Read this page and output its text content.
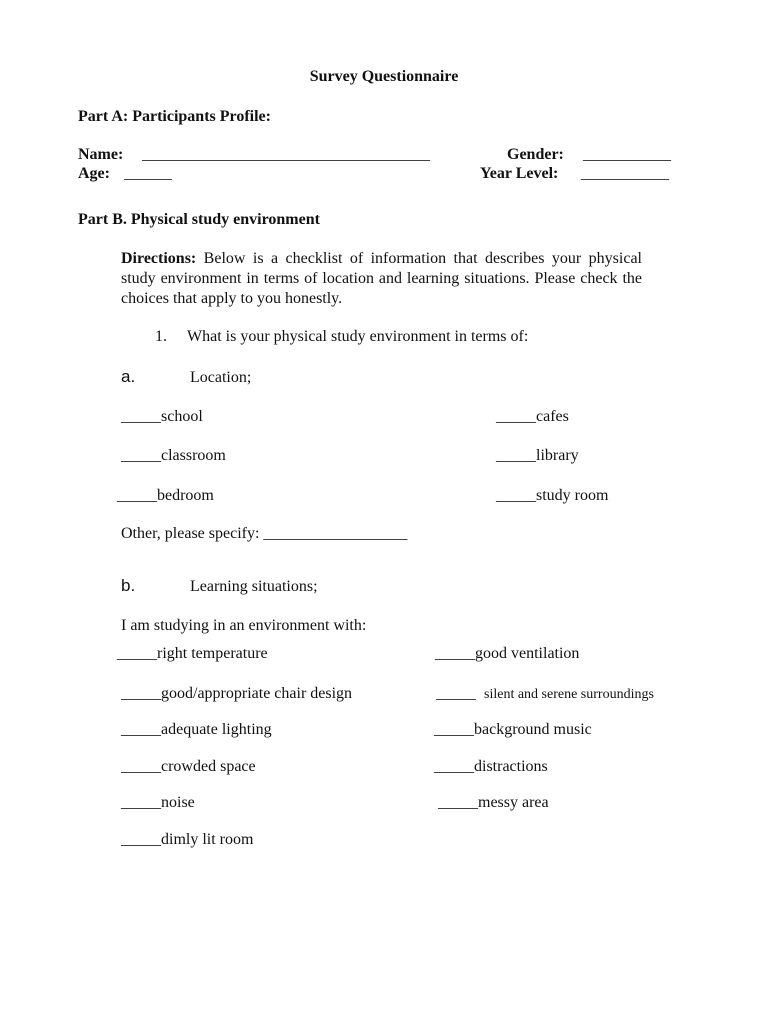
Survey Questionnaire
Part A: Participants Profile:
Name: ____________________________________	Gender: ___________
Age: ______	Year Level: ___________
Part B. Physical study environment
Directions: Below is a checklist of information that describes your physical study environment in terms of location and learning situations. Please check the choices that apply to you honestly.
1. What is your physical study environment in terms of:
a.	Location;
_____school	_____cafes
_____classroom	_____library
_____bedroom	_____study room
Other, please specify: __________________
b.	Learning situations;
I am studying in an environment with:
_____right temperature	_____good ventilation
_____good/appropriate chair design	_____ silent and serene surroundings
_____adequate lighting	_____background music
_____crowded space	_____distractions
_____noise	_____messy area
_____dimly lit room
